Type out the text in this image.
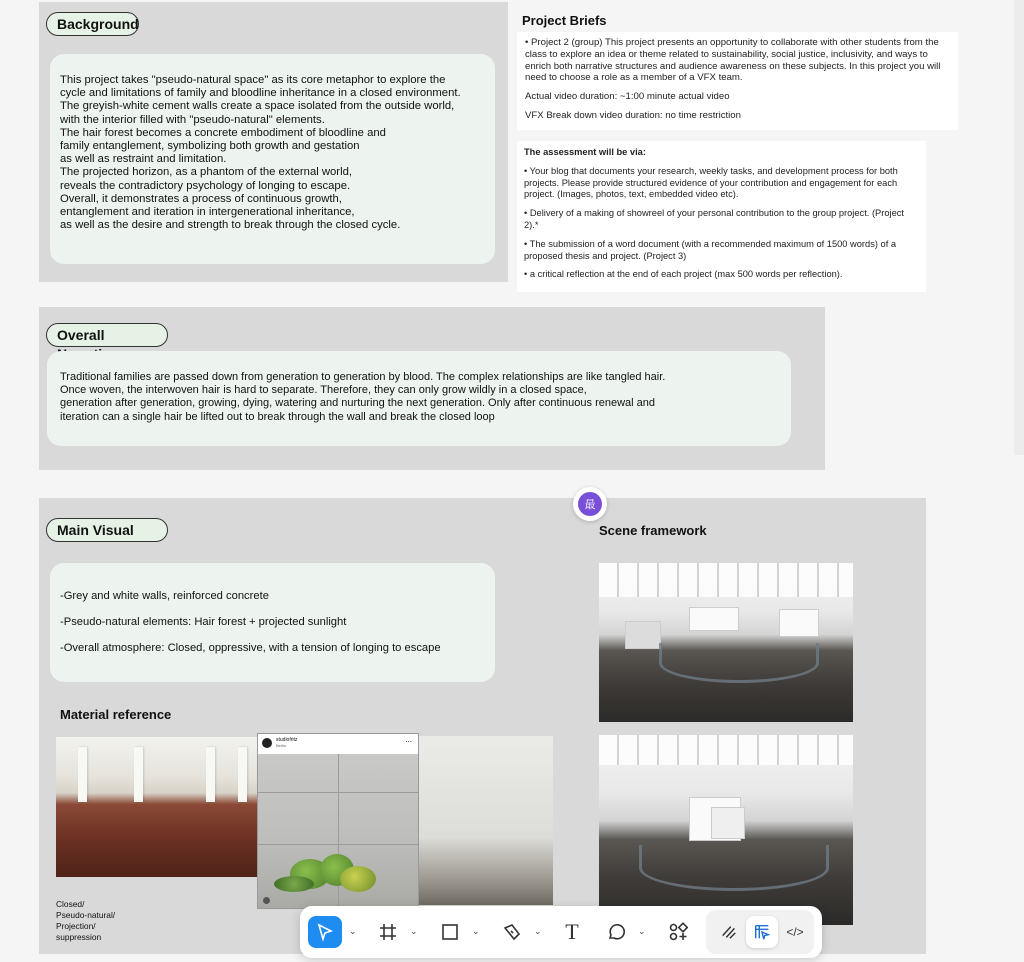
Background

This project takes "pseudo-natural space" as its core metaphor to explore the
cycle and limitations of family and bloodline inheritance in a closed environment.
The greyish-white cement walls create a space isolated from the outside world,
with the interior filled with "pseudo-natural" elements.
The hair forest becomes a concrete embodiment of bloodline and
family entanglement, symbolizing both growth and gestation
as well as restraint and limitation.
The projected horizon, as a phantom of the external world,
reveals the contradictory psychology of longing to escape.
Overall, it demonstrates a process of continuous growth,
entanglement and iteration in intergenerational inheritance,
as well as the desire and strength to break through the closed cycle.

Project Briefs

• Project 2 (group) This project presents an opportunity to collaborate with other students from the class to explore an idea or theme related to sustainability, social justice, inclusivity, and ways to enrich both narrative structures and audience awareness on these subjects. In this project you will need to choose a role as a member of a VFX team.

Actual video duration: ~1:00 minute actual video

VFX Break down video duration: no time restriction

The assessment will be via:

• Your blog that documents your research, weekly tasks, and development process for both projects. Please provide structured evidence of your contribution and engagement for each project. (Images, photos, text, embedded video etc).

• Delivery of a making of showreel of your personal contribution to the group project. (Project 2).*

• The submission of a word document (with a recommended maximum of 1500 words) of a proposed thesis and project. (Project 3)

• a critical reflection at the end of each project (max 500 words per reflection).

Overall

Traditional families are passed down from generation to generation by blood. The complex relationships are like tangled hair.
Once woven, the interwoven hair is hard to separate. Therefore, they can only grow wildly in a closed space,
generation after generation, growing, dying, watering and nurturing the next generation. Only after continuous renewal and
iteration can a single hair be lifted out to break through the wall and break the closed loop

最
Main Visual

-Grey and white walls, reinforced concrete

-Pseudo-natural elements: Hair forest + projected sunlight

-Overall atmosphere: Closed, oppressive, with a tension of longing to escape

Material reference
Scene framework
studiofritz
Berlin
...
Closed/
Pseudo-natural/
Projection/
suppression
⌄	⌄	⌄	⌄ T	⌄	</>
